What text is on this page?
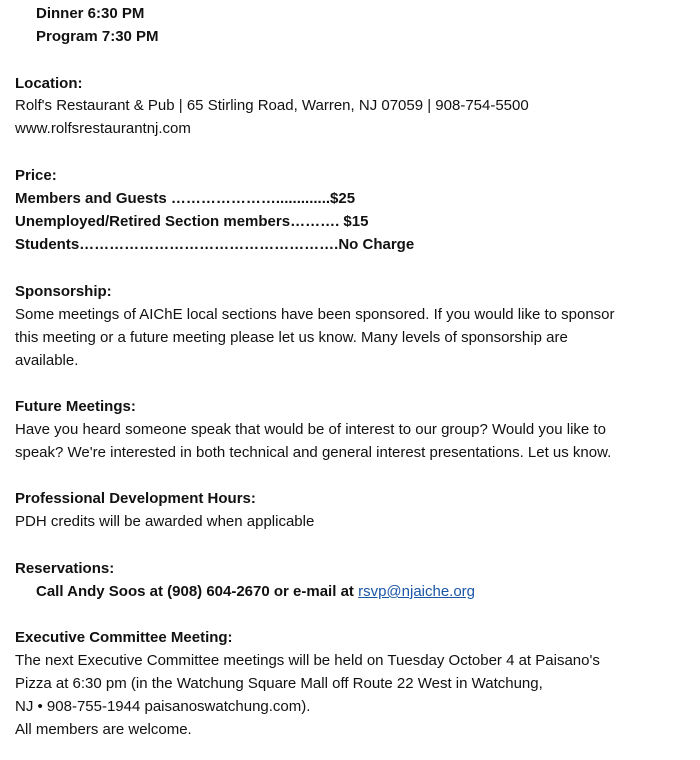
Dinner 6:30 PM
Program 7:30 PM
Location:
Rolf's Restaurant & Pub | 65 Stirling Road, Warren, NJ 07059 | 908-754-5500
www.rolfsrestaurantnj.com
Price:
Members and Guests ………………….............$25
Unemployed/Retired Section members………. $15
Students…………………………………………….No Charge
Sponsorship:
Some meetings of AIChE local sections have been sponsored. If you would like to sponsor
this meeting or a future meeting please let us know. Many levels of sponsorship are
available.
Future Meetings:
Have you heard someone speak that would be of interest to our group? Would you like to
speak? We're interested in both technical and general interest presentations. Let us know.
Professional Development Hours:
PDH credits will be awarded when applicable
Reservations:
Call Andy Soos at (908) 604-2670 or e-mail at rsvp@njaiche.org
Executive Committee Meeting:
The next Executive Committee meetings will be held on Tuesday October 4 at Paisano's
Pizza at 6:30 pm (in the Watchung Square Mall off Route 22 West in Watchung,
NJ • 908-755-1944 paisanoswatchung.com).
All members are welcome.
